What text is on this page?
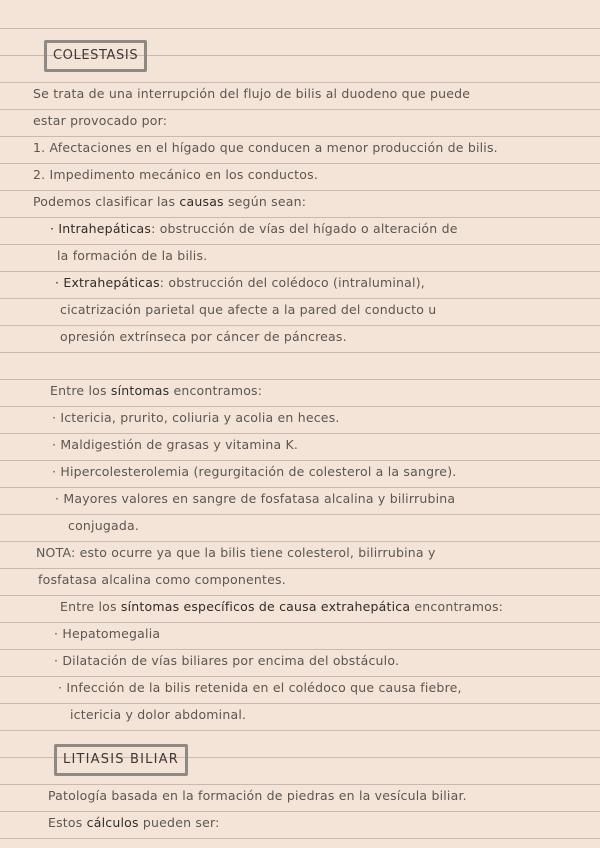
COLESTASIS
Se trata de una interrupción del flujo de bilis al duodeno que puede
estar provocado por:
1. Afectaciones en el hígado que conducen a menor producción de bilis.
2. Impedimento mecánico en los conductos.
Podemos clasificar las causas según sean:
· Intrahepáticas: obstrucción de vías del hígado o alteración de
la formación de la bilis.
· Extrahepáticas: obstrucción del colédoco (intraluminal),
cicatrización parietal que afecte a la pared del conducto u
opresión extrínseca por cáncer de páncreas.
Entre los síntomas encontramos:
· Ictericia, prurito, coliuria y acolia en heces.
· Maldigestión de grasas y vitamina K.
· Hipercolesterolemia (regurgitación de colesterol a la sangre).
· Mayores valores en sangre de fosfatasa alcalina y bilirrubina
conjugada.
NOTA: esto ocurre ya que la bilis tiene colesterol, bilirrubina y
fosfatasa alcalina como componentes.
Entre los síntomas específicos de causa extrahepática encontramos:
· Hepatomegalia
· Dilatación de vías biliares por encima del obstáculo.
· Infección de la bilis retenida en el colédoco que causa fiebre,
ictericia y dolor abdominal.
LITIASIS BILIAR
Patología basada en la formación de piedras en la vesícula biliar.
Estos cálculos pueden ser:
